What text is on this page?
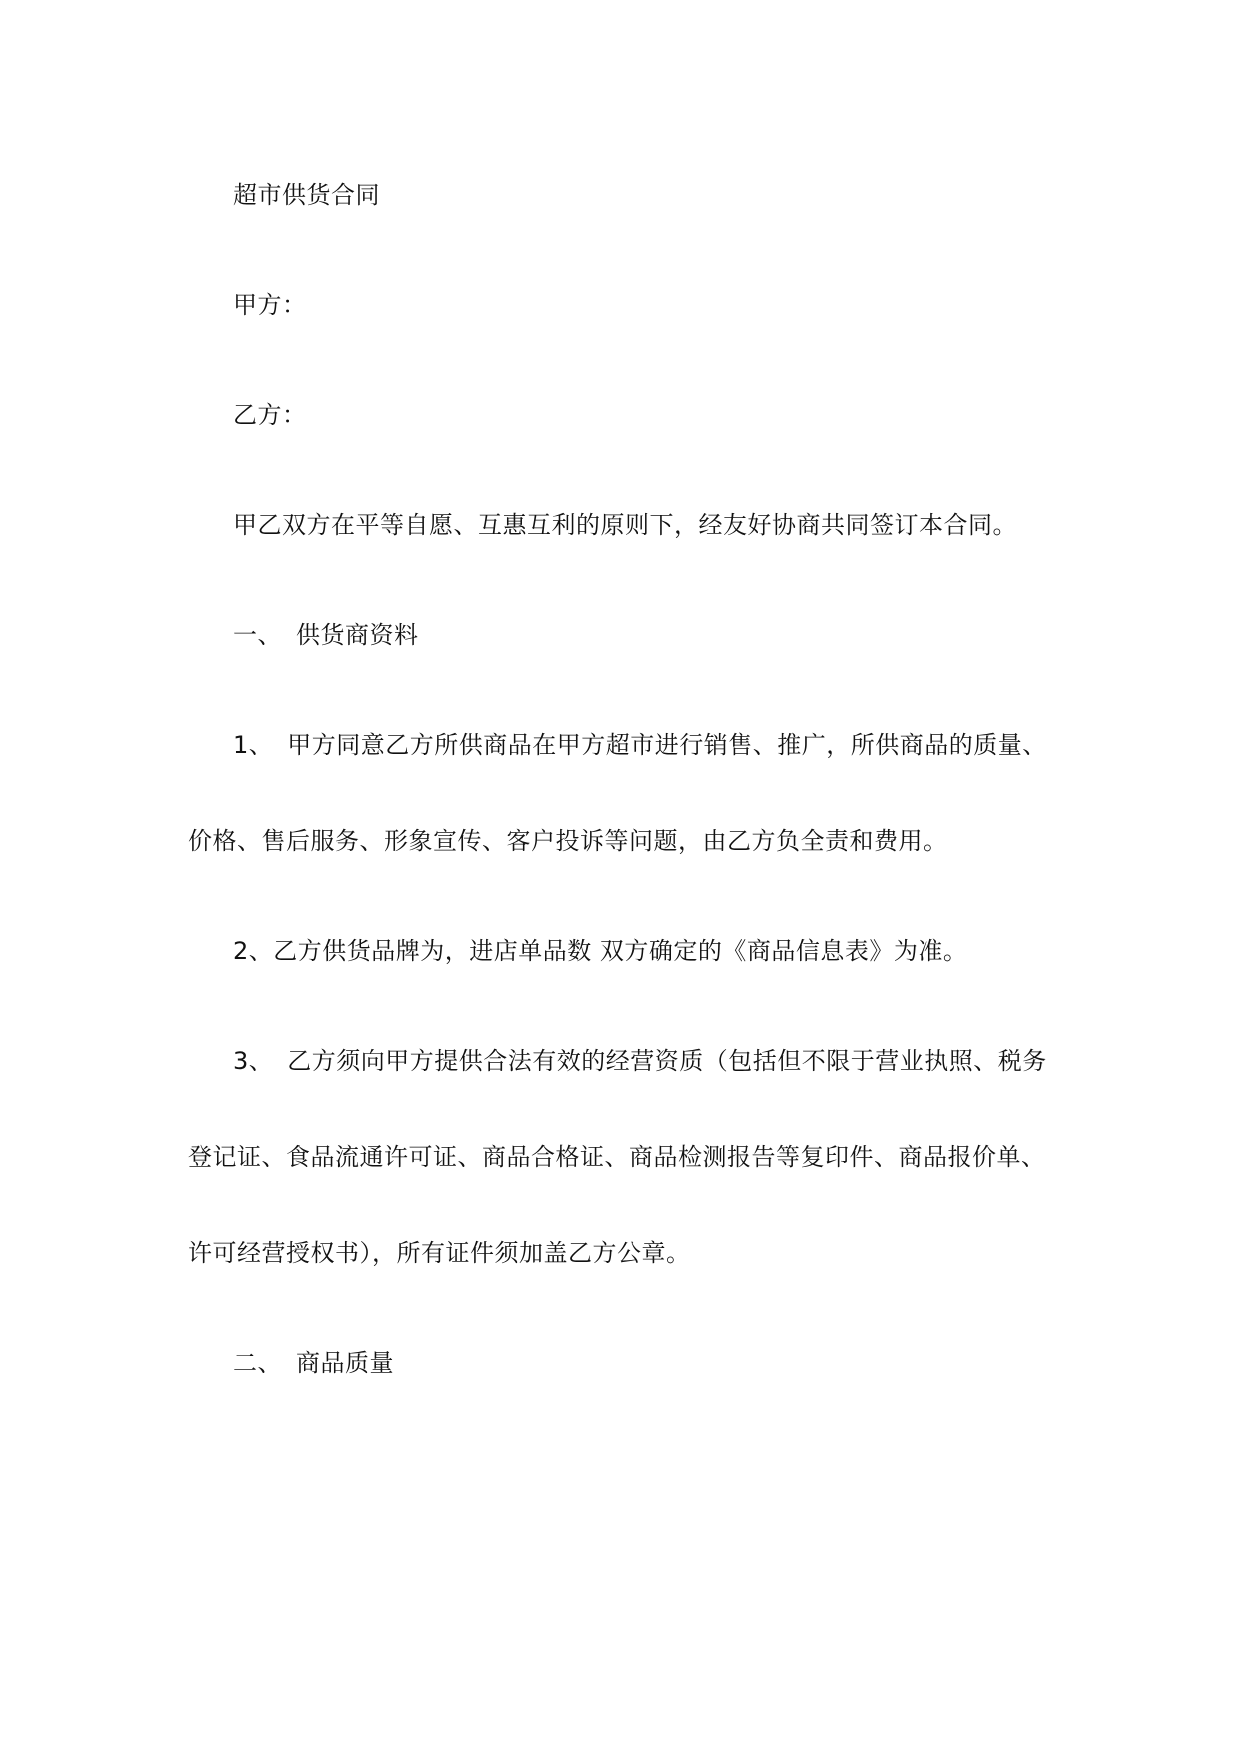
超市供货合同
甲方：
乙方：
甲乙双方在平等自愿、互惠互利的原则下，经友好协商共同签订本合同。
一、 供货商资料
1、 甲方同意乙方所供商品在甲方超市进行销售、推广，所供商品的质量、
价格、售后服务、形象宣传、客户投诉等问题，由乙方负全责和费用。
2、乙方供货品牌为，进店单品数 双方确定的《商品信息表》为准。
3、 乙方须向甲方提供合法有效的经营资质（包括但不限于营业执照、税务
登记证、食品流通许可证、商品合格证、商品检测报告等复印件、商品报价单、
许可经营授权书），所有证件须加盖乙方公章。
二、 商品质量
